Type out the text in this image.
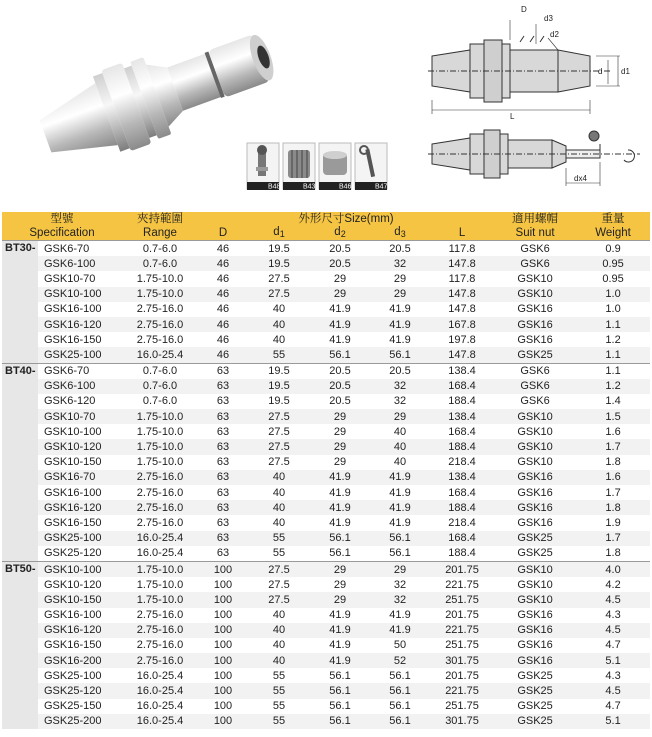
B48	B43	B46	B47
D
d3
d2
d d1
L
dx4
型號		夾持範圍	外形尺寸Size(mm)					適用螺帽	重量
Specification		Range	D	$d_1$	$d_2$	$d_3$	L	Suit nut	Weight
BT30-	GSK6-70	0.7-6.0	46	19.5	20.5	20.5	117.8	GSK6	0.9
	GSK6-100	0.7-6.0	46	19.5	20.5	32	147.8	GSK6	0.95
	GSK10-70	1.75-10.0	46	27.5	29	29	117.8	GSK10	0.95
	GSK10-100	1.75-10.0	46	27.5	29	29	147.8	GSK10	1.0
	GSK16-100	2.75-16.0	46	40	41.9	41.9	147.8	GSK16	1.0
	GSK16-120	2.75-16.0	46	40	41.9	41.9	167.8	GSK16	1.1
	GSK16-150	2.75-16.0	46	40	41.9	41.9	197.8	GSK16	1.2
	GSK25-100	16.0-25.4	46	55	56.1	56.1	147.8	GSK25	1.1
BT40-	GSK6-70	0.7-6.0	63	19.5	20.5	20.5	138.4	GSK6	1.1
	GSK6-100	0.7-6.0	63	19.5	20.5	32	168.4	GSK6	1.2
	GSK6-120	0.7-6.0	63	19.5	20.5	32	188.4	GSK6	1.4
	GSK10-70	1.75-10.0	63	27.5	29	29	138.4	GSK10	1.5
	GSK10-100	1.75-10.0	63	27.5	29	40	168.4	GSK10	1.6
	GSK10-120	1.75-10.0	63	27.5	29	40	188.4	GSK10	1.7
	GSK10-150	1.75-10.0	63	27.5	29	40	218.4	GSK10	1.8
	GSK16-70	2.75-16.0	63	40	41.9	41.9	138.4	GSK16	1.6
	GSK16-100	2.75-16.0	63	40	41.9	41.9	168.4	GSK16	1.7
	GSK16-120	2.75-16.0	63	40	41.9	41.9	188.4	GSK16	1.8
	GSK16-150	2.75-16.0	63	40	41.9	41.9	218.4	GSK16	1.9
	GSK25-100	16.0-25.4	63	55	56.1	56.1	168.4	GSK25	1.7
	GSK25-120	16.0-25.4	63	55	56.1	56.1	188.4	GSK25	1.8
BT50-	GSK10-100	1.75-10.0	100	27.5	29	29	201.75	GSK10	4.0
	GSK10-120	1.75-10.0	100	27.5	29	32	221.75	GSK10	4.2
	GSK10-150	1.75-10.0	100	27.5	29	32	251.75	GSK10	4.5
	GSK16-100	2.75-16.0	100	40	41.9	41.9	201.75	GSK16	4.3
	GSK16-120	2.75-16.0	100	40	41.9	41.9	221.75	GSK16	4.5
	GSK16-150	2.75-16.0	100	40	41.9	50	251.75	GSK16	4.7
	GSK16-200	2.75-16.0	100	40	41.9	52	301.75	GSK16	5.1
	GSK25-100	16.0-25.4	100	55	56.1	56.1	201.75	GSK25	4.3
	GSK25-120	16.0-25.4	100	55	56.1	56.1	221.75	GSK25	4.5
	GSK25-150	16.0-25.4	100	55	56.1	56.1	251.75	GSK25	4.7
	GSK25-200	16.0-25.4	100	55	56.1	56.1	301.75	GSK25	5.1
